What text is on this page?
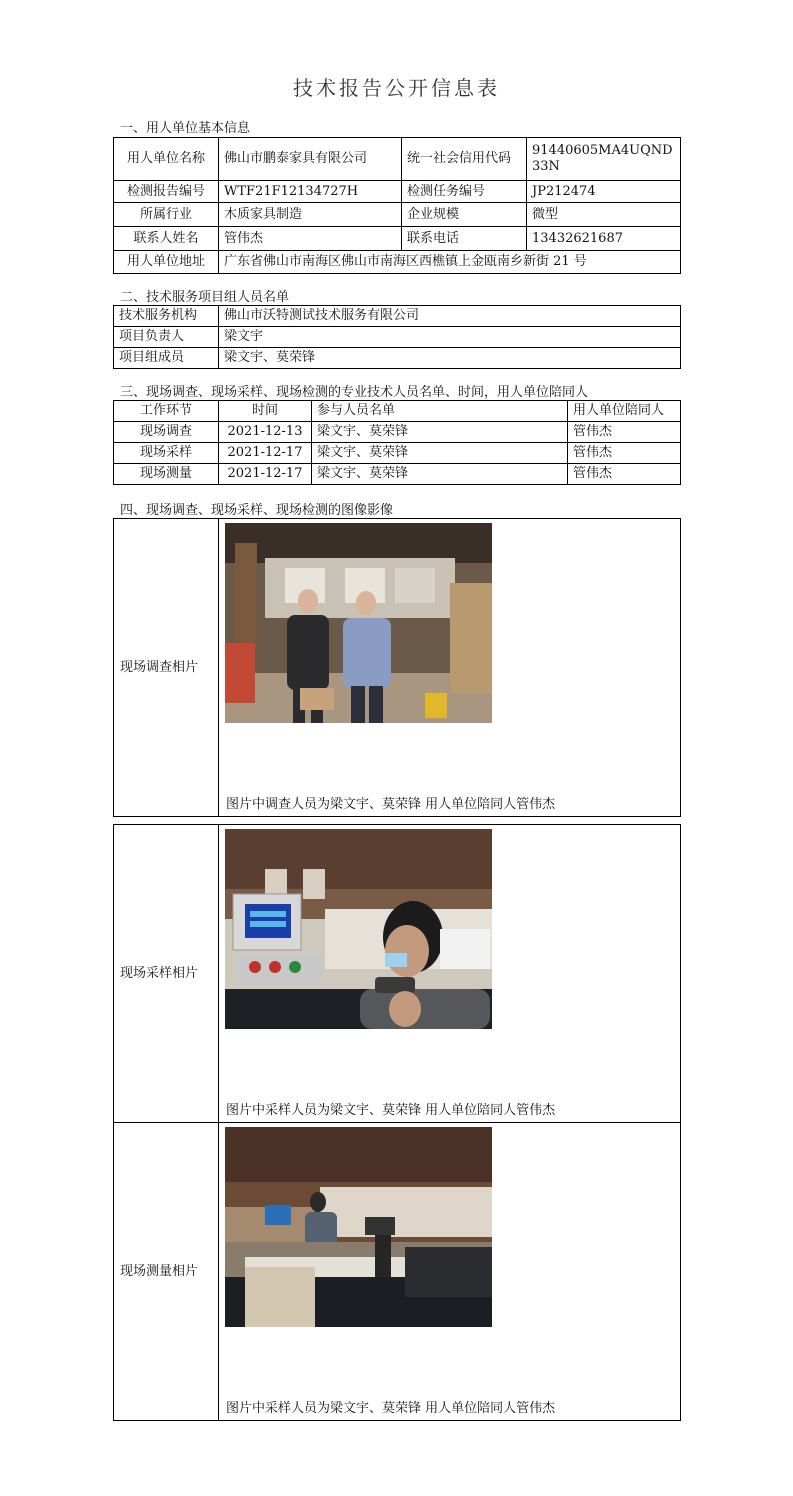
技术报告公开信息表
一、用人单位基本信息
用人单位名称	佛山市鹏泰家具有限公司	统一社会信用代码	91440605MA4UQND33N
检测报告编号	WTF21F12134727H	检测任务编号	JP212474
所属行业	木质家具制造	企业规模	微型
联系人姓名	管伟杰	联系电话	13432621687
用人单位地址	广东省佛山市南海区佛山市南海区西樵镇上金瓯南乡新街 21 号		
二、技术服务项目组人员名单
技术服务机构	佛山市沃特测试技术服务有限公司
项目负责人	梁文宇
项目组成员	梁文宇、莫荣锋
三、现场调查、现场采样、现场检测的专业技术人员名单、时间，用人单位陪同人
工作环节	时间	参与人员名单	用人单位陪同人
现场调查	2021-12-13	梁文宇、莫荣锋	管伟杰
现场采样	2021-12-17	梁文宇、莫荣锋	管伟杰
现场测量	2021-12-17	梁文宇、莫荣锋	管伟杰
四、现场调查、现场采样、现场检测的图像影像
现场调查相片	
图片中调查人员为梁文宇、莫荣锋 用人单位陪同人管伟杰
现场采样相片	
图片中采样人员为梁文宇、莫荣锋 用人单位陪同人管伟杰
现场测量相片	
图片中采样人员为梁文宇、莫荣锋 用人单位陪同人管伟杰
